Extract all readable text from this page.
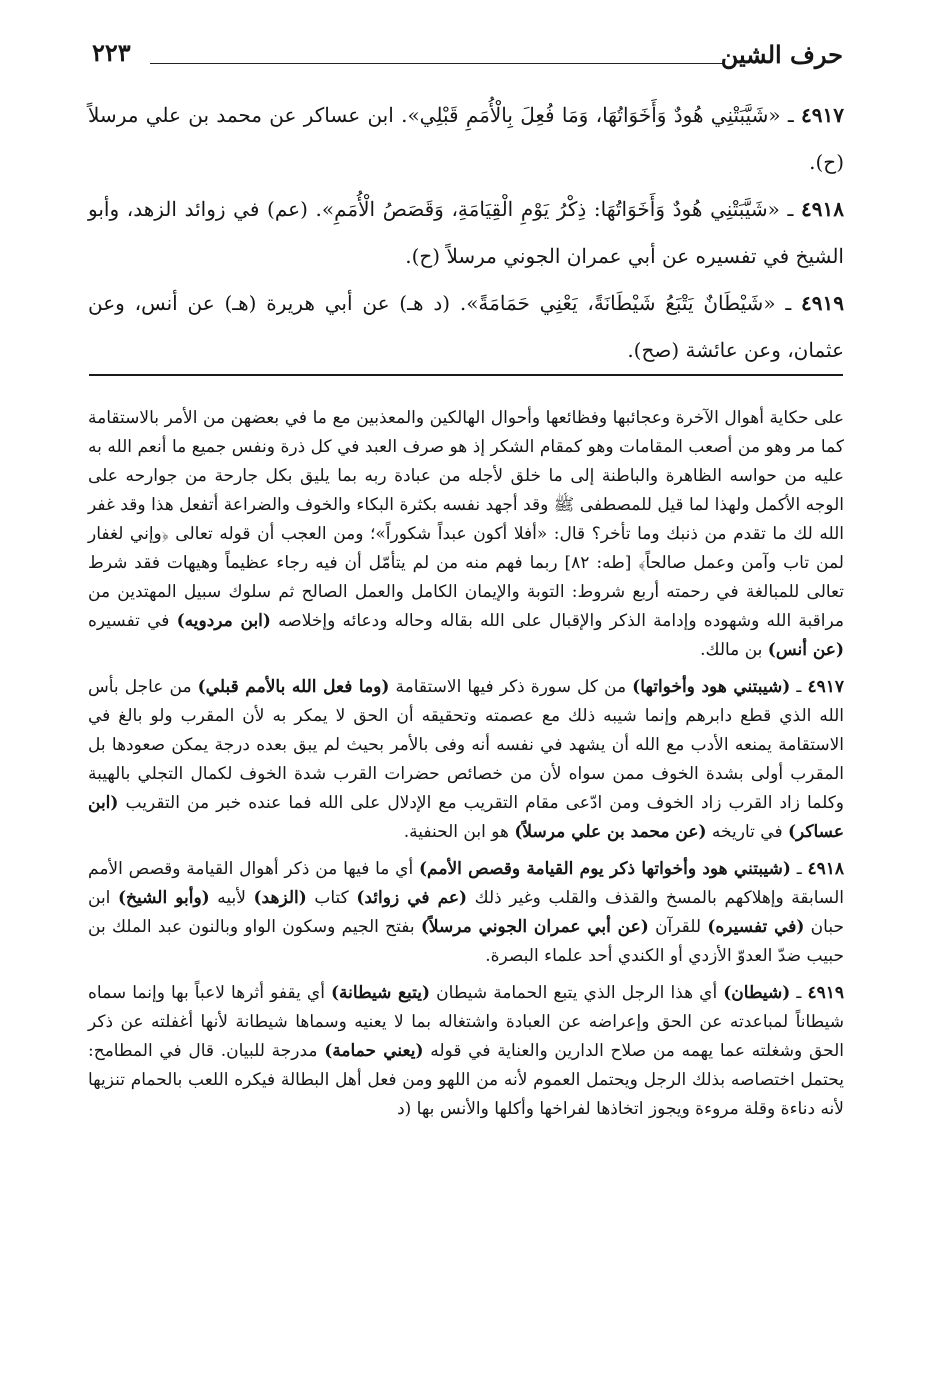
٢٢٣	حرف الشين

٤٩١٧ ـ «شَيَّبَتْنِي هُودٌ وَأَخَوَاتُهَا، وَمَا فُعِلَ بِالْأُمَمِ قَبْلِي». ابن عساكر عن محمد بن علي مرسلاً (ح).

٤٩١٨ ـ «شَيَّبَتْنِي هُودٌ وَأَخَوَاتُهَا: ذِكْرُ يَوْمِ الْقِيَامَةِ، وَقَصَصُ الْأُمَمِ». (عم) في زوائد الزهد، وأبو الشيخ في تفسيره عن أبي عمران الجوني مرسلاً (ح).

٤٩١٩ ـ «شَيْطَانٌ يَتْبَعُ شَيْطَانَةً، يَعْنِي حَمَامَةً». (د هـ) عن أبي هريرة (هـ) عن أنس، وعن عثمان، وعن عائشة (صح).

على حكاية أهوال الآخرة وعجائبها وفظائعها وأحوال الهالكين والمعذبين مع ما في بعضهن من الأمر بالاستقامة كما مر وهو من أصعب المقامات وهو كمقام الشكر إذ هو صرف العبد في كل ذرة ونفس جميع ما أنعم الله به عليه من حواسه الظاهرة والباطنة إلى ما خلق لأجله من عبادة ربه بما يليق بكل جارحة من جوارحه على الوجه الأكمل ولهذا لما قيل للمصطفى ﷺ وقد أجهد نفسه بكثرة البكاء والخوف والضراعة أتفعل هذا وقد غفر الله لك ما تقدم من ذنبك وما تأخر؟ قال: «أفلا أكون عبداً شكوراً»؛ ومن العجب أن قوله تعالى ﴿وإني لغفار لمن تاب وآمن وعمل صالحاً﴾ [طه: ٨٢] ربما فهم منه من لم يتأمّل أن فيه رجاء عظيماً وهيهات فقد شرط تعالى للمبالغة في رحمته أربع شروط: التوبة والإيمان الكامل والعمل الصالح ثم سلوك سبيل المهتدين من مراقبة الله وشهوده وإدامة الذكر والإقبال على الله بقاله وحاله ودعائه وإخلاصه (ابن مردويه) في تفسيره (عن أنس) بن مالك.

٤٩١٧ ـ (شيبتني هود وأخواتها) من كل سورة ذكر فيها الاستقامة (وما فعل الله بالأمم قبلي) من عاجل بأس الله الذي قطع دابرهم وإنما شيبه ذلك مع عصمته وتحقيقه أن الحق لا يمكر به لأن المقرب ولو بالغ في الاستقامة يمنعه الأدب مع الله أن يشهد في نفسه أنه وفى بالأمر بحيث لم يبق بعده درجة يمكن صعودها بل المقرب أولى بشدة الخوف ممن سواه لأن من خصائص حضرات القرب شدة الخوف لكمال التجلي بالهيبة وكلما زاد القرب زاد الخوف ومن ادّعى مقام التقريب مع الإدلال على الله فما عنده خبر من التقريب (ابن عساكر) في تاريخه (عن محمد بن علي مرسلاً) هو ابن الحنفية.

٤٩١٨ ـ (شيبتني هود وأخواتها ذكر يوم القيامة وقصص الأمم) أي ما فيها من ذكر أهوال القيامة وقصص الأمم السابقة وإهلاكهم بالمسخ والقذف والقلب وغير ذلك (عم في زوائد) كتاب (الزهد) لأبيه (وأبو الشيخ) ابن حبان (في تفسيره) للقرآن (عن أبي عمران الجوني مرسلاً) بفتح الجيم وسكون الواو وبالنون عبد الملك بن حبيب ضدّ العدوّ الأزدي أو الكندي أحد علماء البصرة.

٤٩١٩ ـ (شيطان) أي هذا الرجل الذي يتبع الحمامة شيطان (يتبع شيطانة) أي يقفو أثرها لاعباً بها وإنما سماه شيطاناً لمباعدته عن الحق وإعراضه عن العبادة واشتغاله بما لا يعنيه وسماها شيطانة لأنها أغفلته عن ذكر الحق وشغلته عما يهمه من صلاح الدارين والعناية في قوله (يعني حمامة) مدرجة للبيان. قال في المطامح: يحتمل اختصاصه بذلك الرجل ويحتمل العموم لأنه من اللهو ومن فعل أهل البطالة فيكره اللعب بالحمام تنزيها لأنه دناءة وقلة مروءة ويجوز اتخاذها لفراخها وأكلها والأنس بها (د
